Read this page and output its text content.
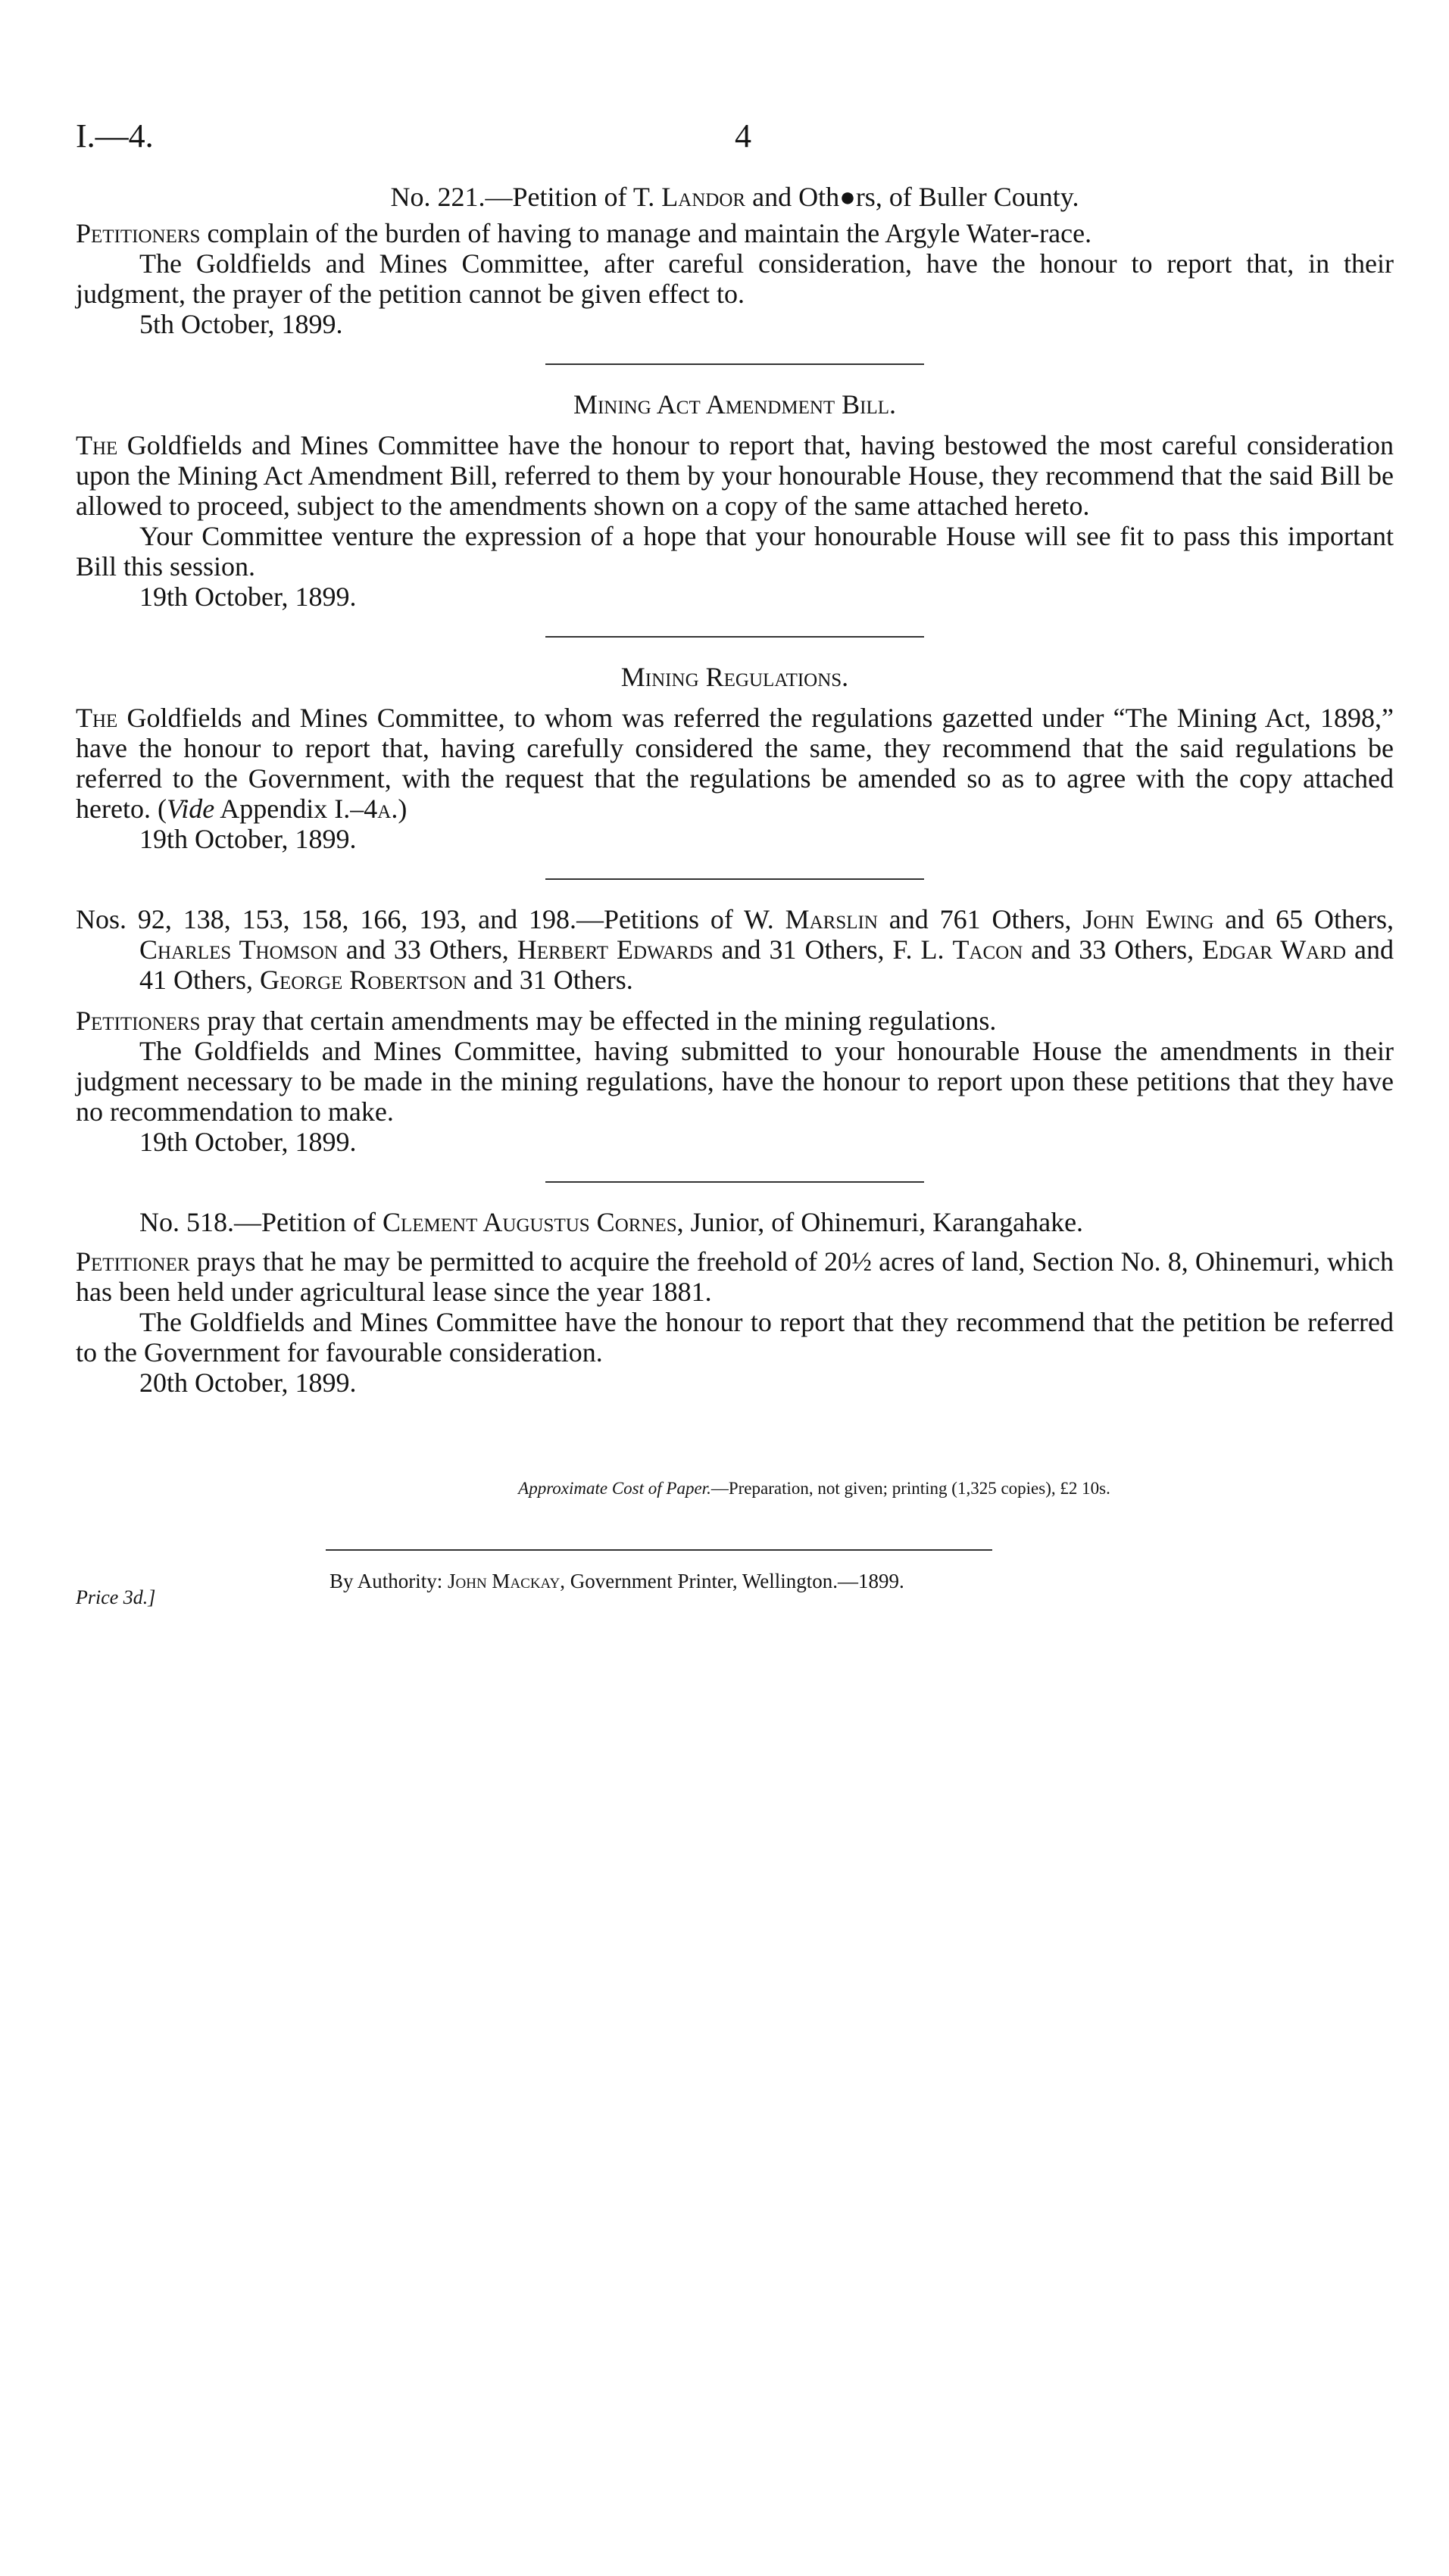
I.—4.	4
No. 221.—Petition of T. Landor and Oth●rs, of Buller County.

Petitioners complain of the burden of having to manage and maintain the Argyle Water-race.

The Goldfields and Mines Committee, after careful consideration, have the honour to report that, in their judgment, the prayer of the petition cannot be given effect to.

5th October, 1899.

Mining Act Amendment Bill.

The Goldfields and Mines Committee have the honour to report that, having bestowed the most careful consideration upon the Mining Act Amendment Bill, referred to them by your honourable House, they recommend that the said Bill be allowed to proceed, subject to the amendments shown on a copy of the same attached hereto.

Your Committee venture the expression of a hope that your honourable House will see fit to pass this important Bill this session.

19th October, 1899.

Mining Regulations.

The Goldfields and Mines Committee, to whom was referred the regulations gazetted under “The Mining Act, 1898,” have the honour to report that, having carefully considered the same, they recommend that the said regulations be referred to the Government, with the request that the regulations be amended so as to agree with the copy attached hereto. (Vide Appendix I.–4a.)

19th October, 1899.

Nos. 92, 138, 153, 158, 166, 193, and 198.—Petitions of W. Marslin and 761 Others, John Ewing and 65 Others, Charles Thomson and 33 Others, Herbert Edwards and 31 Others, F. L. Tacon and 33 Others, Edgar Ward and 41 Others, George Robertson and 31 Others.

Petitioners pray that certain amendments may be effected in the mining regulations.

The Goldfields and Mines Committee, having submitted to your honourable House the amendments in their judgment necessary to be made in the mining regulations, have the honour to report upon these petitions that they have no recommendation to make.

19th October, 1899.

No. 518.—Petition of Clement Augustus Cornes, Junior, of Ohinemuri, Karangahake.

Petitioner prays that he may be permitted to acquire the freehold of 20½ acres of land, Section No. 8, Ohinemuri, which has been held under agricultural lease since the year 1881.

The Goldfields and Mines Committee have the honour to report that they recommend that the petition be referred to the Government for favourable consideration.

20th October, 1899.

Approximate Cost of Paper.—Preparation, not given; printing (1,325 copies), £2 10s.
Price 3d.]
By Authority: John Mackay, Government Printer, Wellington.—1899.
